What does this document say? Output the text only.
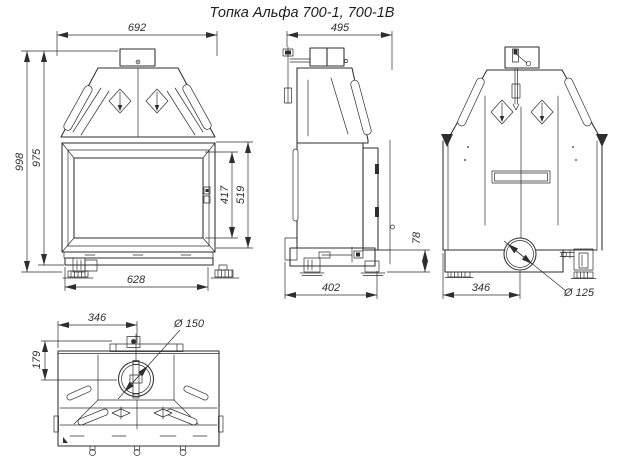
Топка Альфа 700-1, 700-1В
692
998 975
417 519
628
495
402
78
Ø 125
346
Ø 150
346
179
